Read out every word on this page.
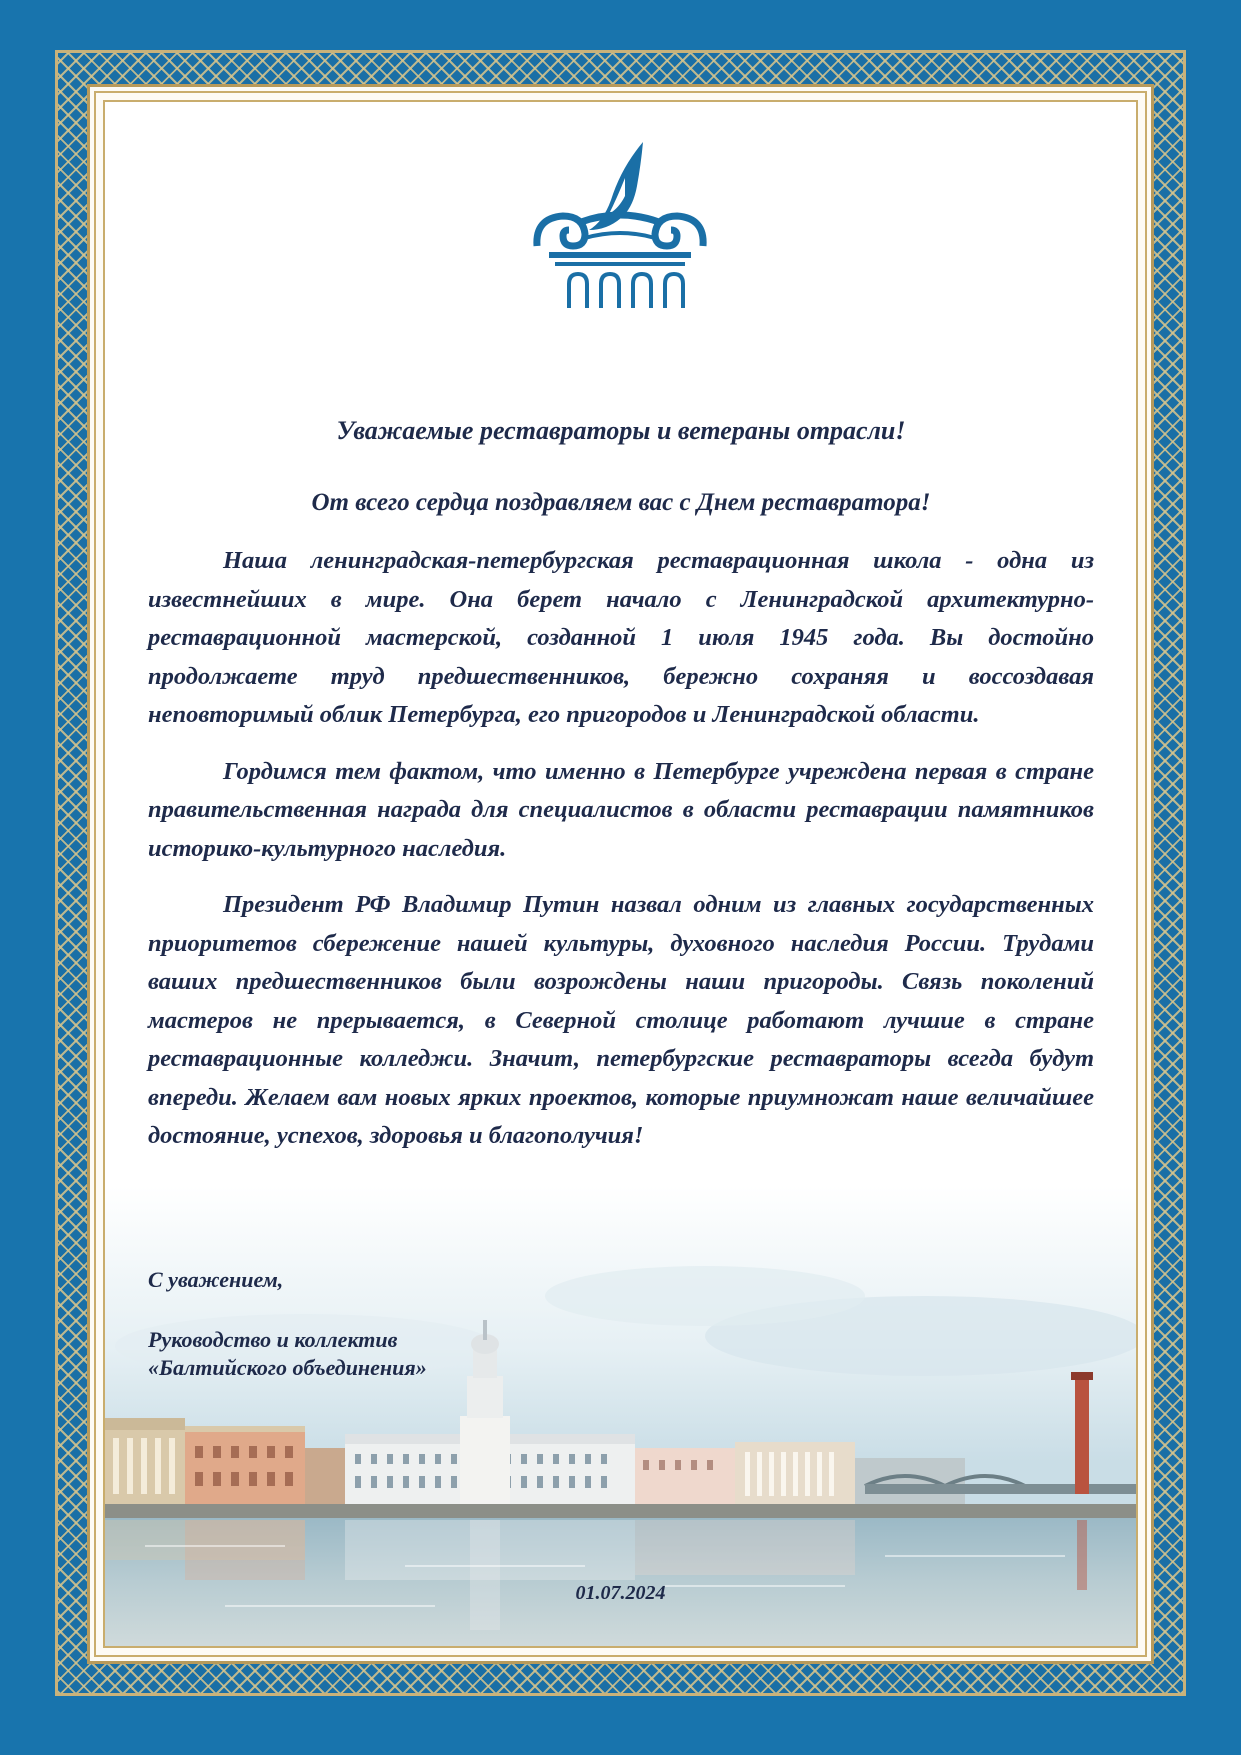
Уважаемые реставраторы и ветераны отрасли!

От всего сердца поздравляем вас с Днем реставратора!

Наша ленинградская-петербургская реставрационная школа - одна из известнейших в мире. Она берет начало с Ленинградской архитектурно-реставрационной мастерской, созданной 1 июля 1945 года. Вы достойно продолжаете труд предшественников, бережно сохраняя и воссоздавая неповторимый облик Петербурга, его пригородов и Ленинградской области.

Гордимся тем фактом, что именно в Петербурге учреждена первая в стране правительственная награда для специалистов в области реставрации памятников историко-культурного наследия.

Президент РФ Владимир Путин назвал одним из главных государственных приоритетов сбережение нашей культуры, духовного наследия России. Трудами ваших предшественников были возрождены наши пригороды. Связь поколений мастеров не прерывается, в Северной столице работают лучшие в стране реставрационные колледжи. Значит, петербургские реставраторы всегда будут впереди. Желаем вам новых ярких проектов, которые приумножат наше величайшее достояние, успехов, здоровья и благополучия!

С уважением,
Руководство и коллектив
«Балтийского объединения»
01.07.2024
